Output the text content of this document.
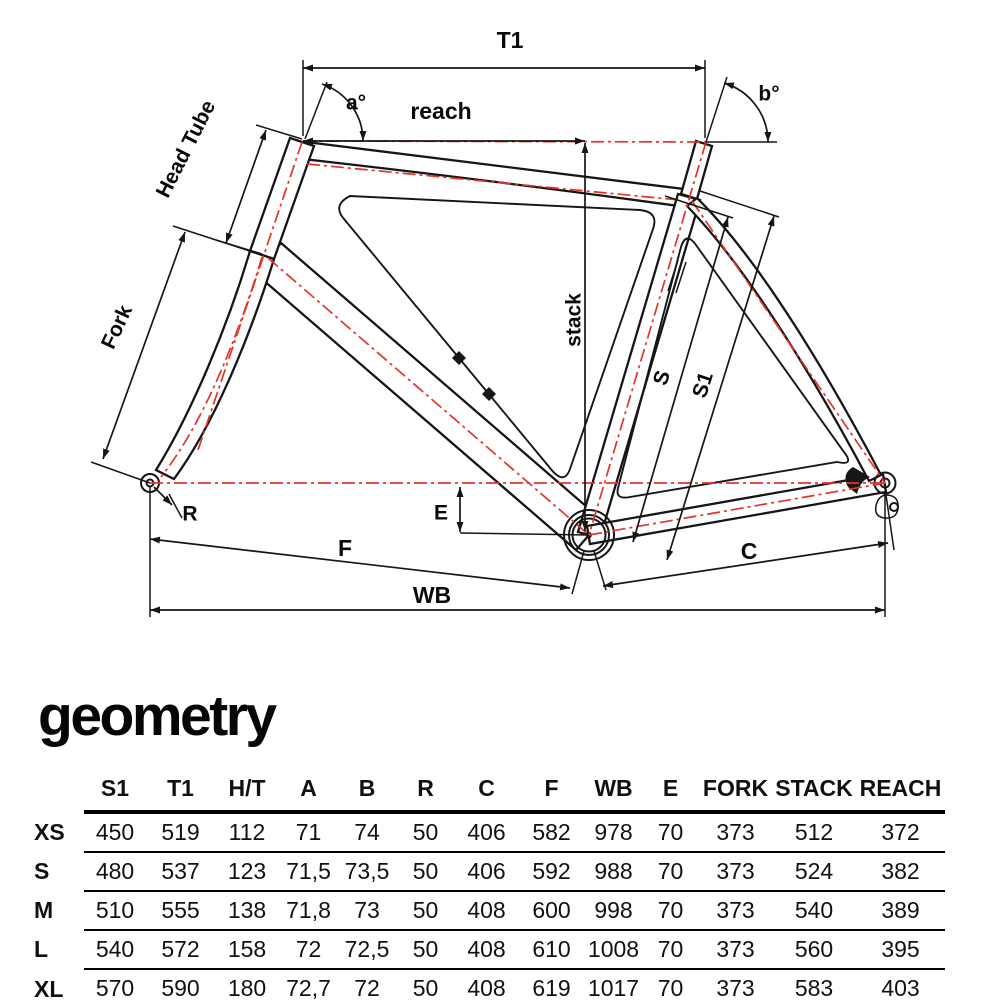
T1
a° reach
b°
Head Tube
Fork	stack
S S1
R	E
F	C
WB
geometry
	S1	T1	H/T	A	B	R	C	F	WB	E	FORK	STACK	REACH
XS	450	519	112	71	74	50	406	582	978	70	373	512	372
S	480	537	123	71,5	73,5	50	406	592	988	70	373	524	382
M	510	555	138	71,8	73	50	408	600	998	70	373	540	389
L	540	572	158	72	72,5	50	408	610	1008	70	373	560	395
XL	570	590	180	72,7	72	50	408	619	1017	70	373	583	403
